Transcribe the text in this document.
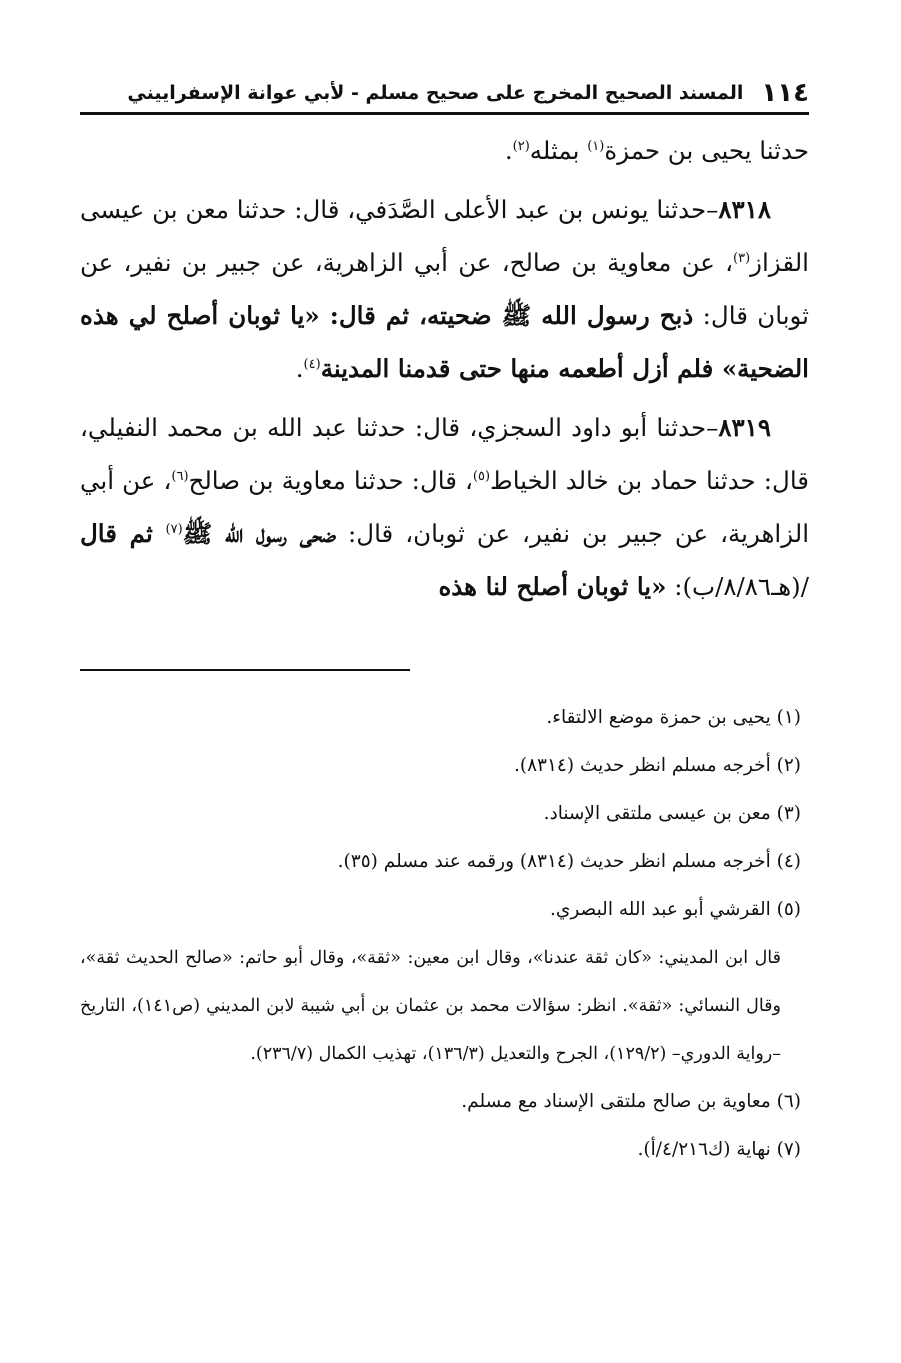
١١٤
المسند الصحيح المخرج على صحيح مسلم - لأبي عوانة الإسفراييني

حدثنا يحيى بن حمزة$^{(١)}$ بمثله$^{(٢)}$.

٨٣١٨–حدثنا يونس بن عبد الأعلى الصَّدَفي، قال: حدثنا معن بن عيسى القزاز$^{(٣)}$، عن معاوية بن صالح، عن أبي الزاهرية، عن جبير بن نفير، عن ثوبان قال: ذبح رسول الله ﷺ ضحيته، ثم قال: «يا ثوبان أصلح لي هذه الضحية» فلم أزل أطعمه منها حتى قدمنا المدينة$^{(٤)}$.

٨٣١٩–حدثنا أبو داود السجزي، قال: حدثنا عبد الله بن محمد النفيلي، قال: حدثنا حماد بن خالد الخياط$^{(٥)}$، قال: حدثنا معاوية بن صالح$^{(٦)}$، عن أبي الزاهرية، عن جبير بن نفير، عن ثوبان، قال: ضحى رسول الله ﷺ$^{(٧)}$ ثم قال /(هـ٨/٨٦/ب): «يا ثوبان أصلح لنا هذه

(١) يحيى بن حمزة موضع الالتقاء.

(٢) أخرجه مسلم انظر حديث (٨٣١٤).

(٣) معن بن عيسى ملتقى الإسناد.

(٤) أخرجه مسلم انظر حديث (٨٣١٤) ورقمه عند مسلم (٣٥).

(٥) القرشي أبو عبد الله البصري.

قال ابن المديني: «كان ثقة عندنا»، وقال ابن معين: «ثقة»، وقال أبو حاتم: «صالح الحديث ثقة»، وقال النسائي: «ثقة». انظر: سؤالات محمد بن عثمان بن أبي شيبة لابن المديني (ص١٤١)، التاريخ –رواية الدوري– (١٢٩/٢)، الجرح والتعديل (١٣٦/٣)، تهذيب الكمال (٢٣٦/٧).

(٦) معاوية بن صالح ملتقى الإسناد مع مسلم.

(٧) نهاية (ك٤/٢١٦/أ).
